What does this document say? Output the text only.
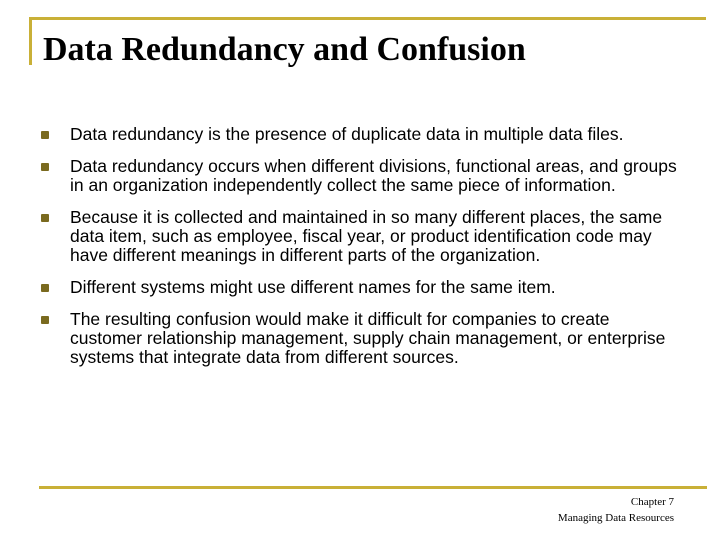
Data Redundancy and Confusion
Data redundancy is the presence of duplicate data in multiple data files.
Data redundancy occurs when different divisions, functional areas, and groups in an organization independently collect the same piece of information.
Because it is collected and maintained in so many different places, the same data item, such as employee, fiscal year, or product identification code may have different meanings in different parts of the organization.
Different systems might use different names for the same item.
The resulting confusion would make it difficult for companies to create customer relationship management, supply chain management, or enterprise systems that integrate data from different sources.
Chapter 7
Managing Data Resources
